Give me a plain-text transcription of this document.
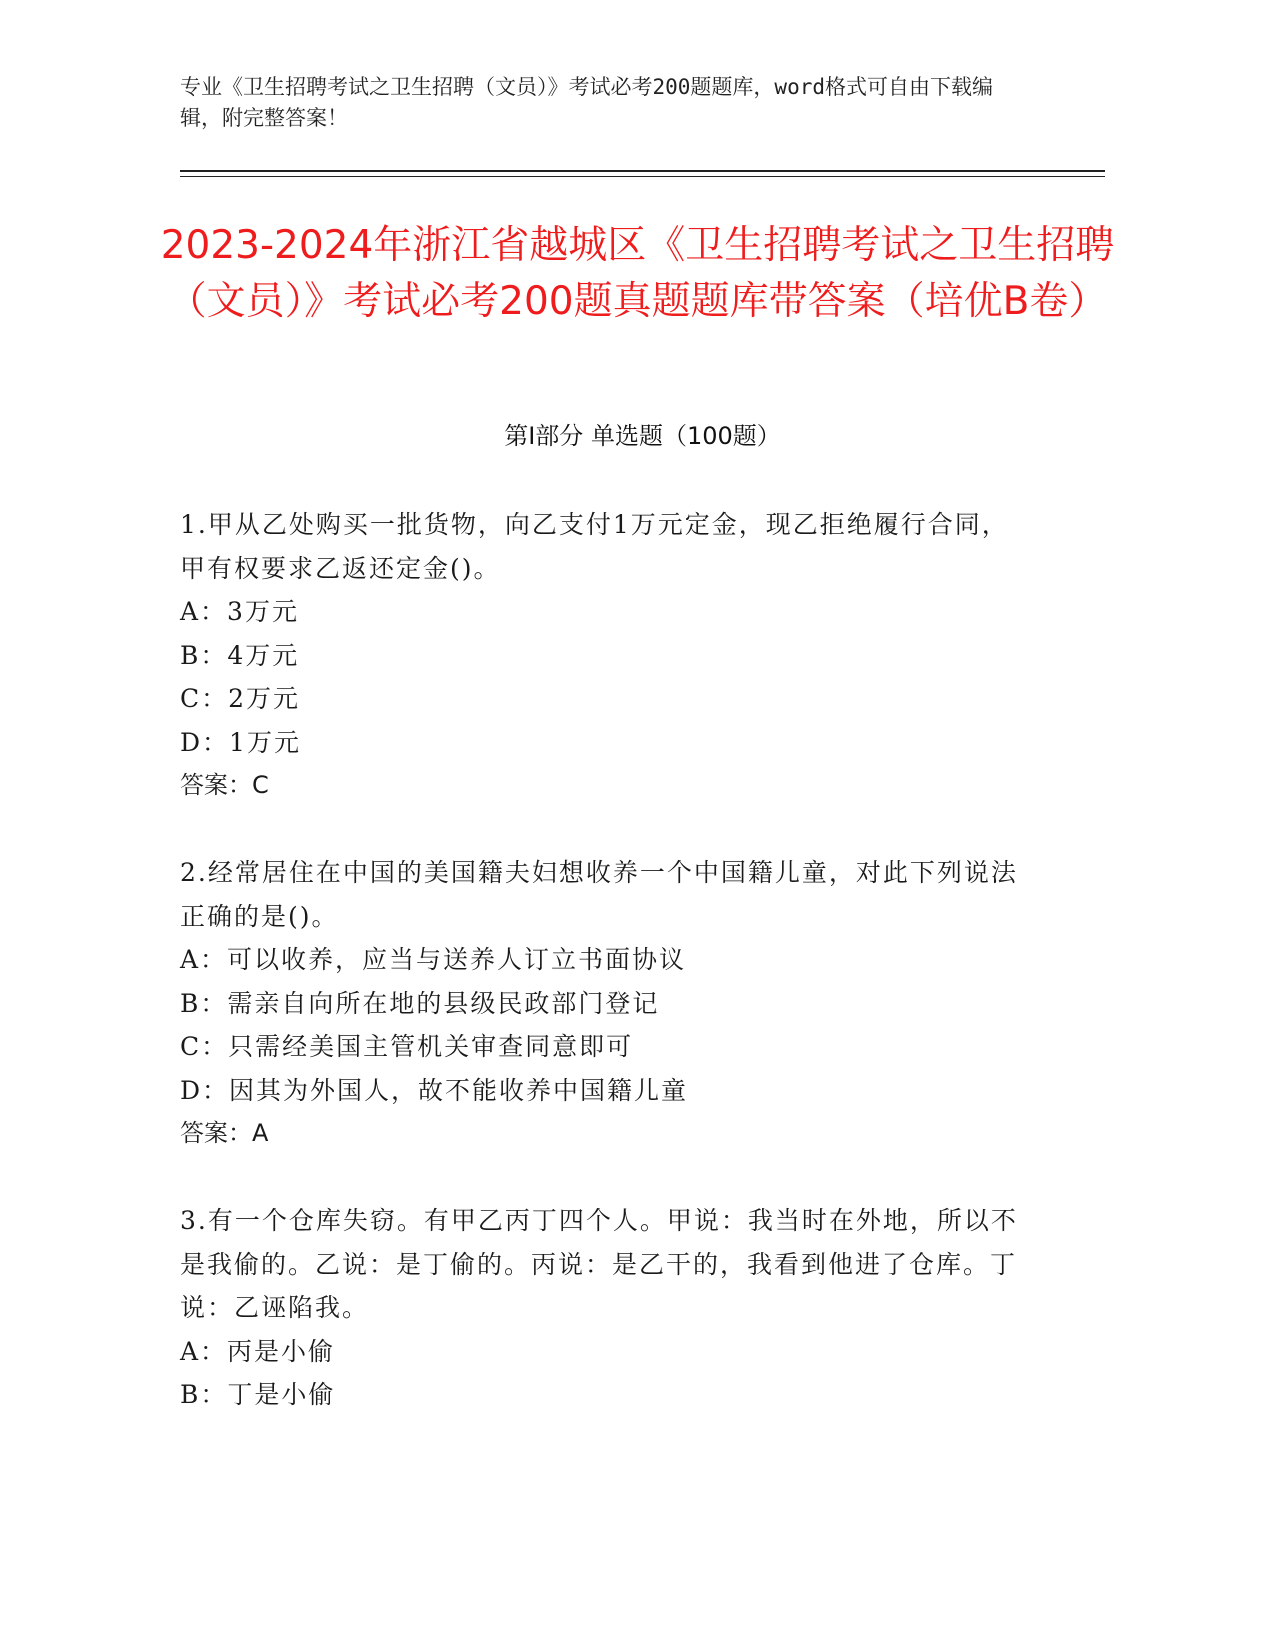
专业《卫生招聘考试之卫生招聘（文员）》考试必考200题题库，word格式可自由下载编辑，附完整答案！
2023-2024年浙江省越城区《卫生招聘考试之卫生招聘（文员）》考试必考200题真题题库带答案（培优B卷）
第Ⅰ部分 单选题（100题）

1.甲从乙处购买一批货物，向乙支付1万元定金，现乙拒绝履行合同，甲有权要求乙返还定金()。

A：3万元

B：4万元

C：2万元

D：1万元

答案：C

2.经常居住在中国的美国籍夫妇想收养一个中国籍儿童，对此下列说法正确的是()。

A：可以收养，应当与送养人订立书面协议

B：需亲自向所在地的县级民政部门登记

C：只需经美国主管机关审查同意即可

D：因其为外国人，故不能收养中国籍儿童

答案：A

3.有一个仓库失窃。有甲乙丙丁四个人。甲说：我当时在外地，所以不是我偷的。乙说：是丁偷的。丙说：是乙干的，我看到他进了仓库。丁说：乙诬陷我。

A：丙是小偷

B：丁是小偷
